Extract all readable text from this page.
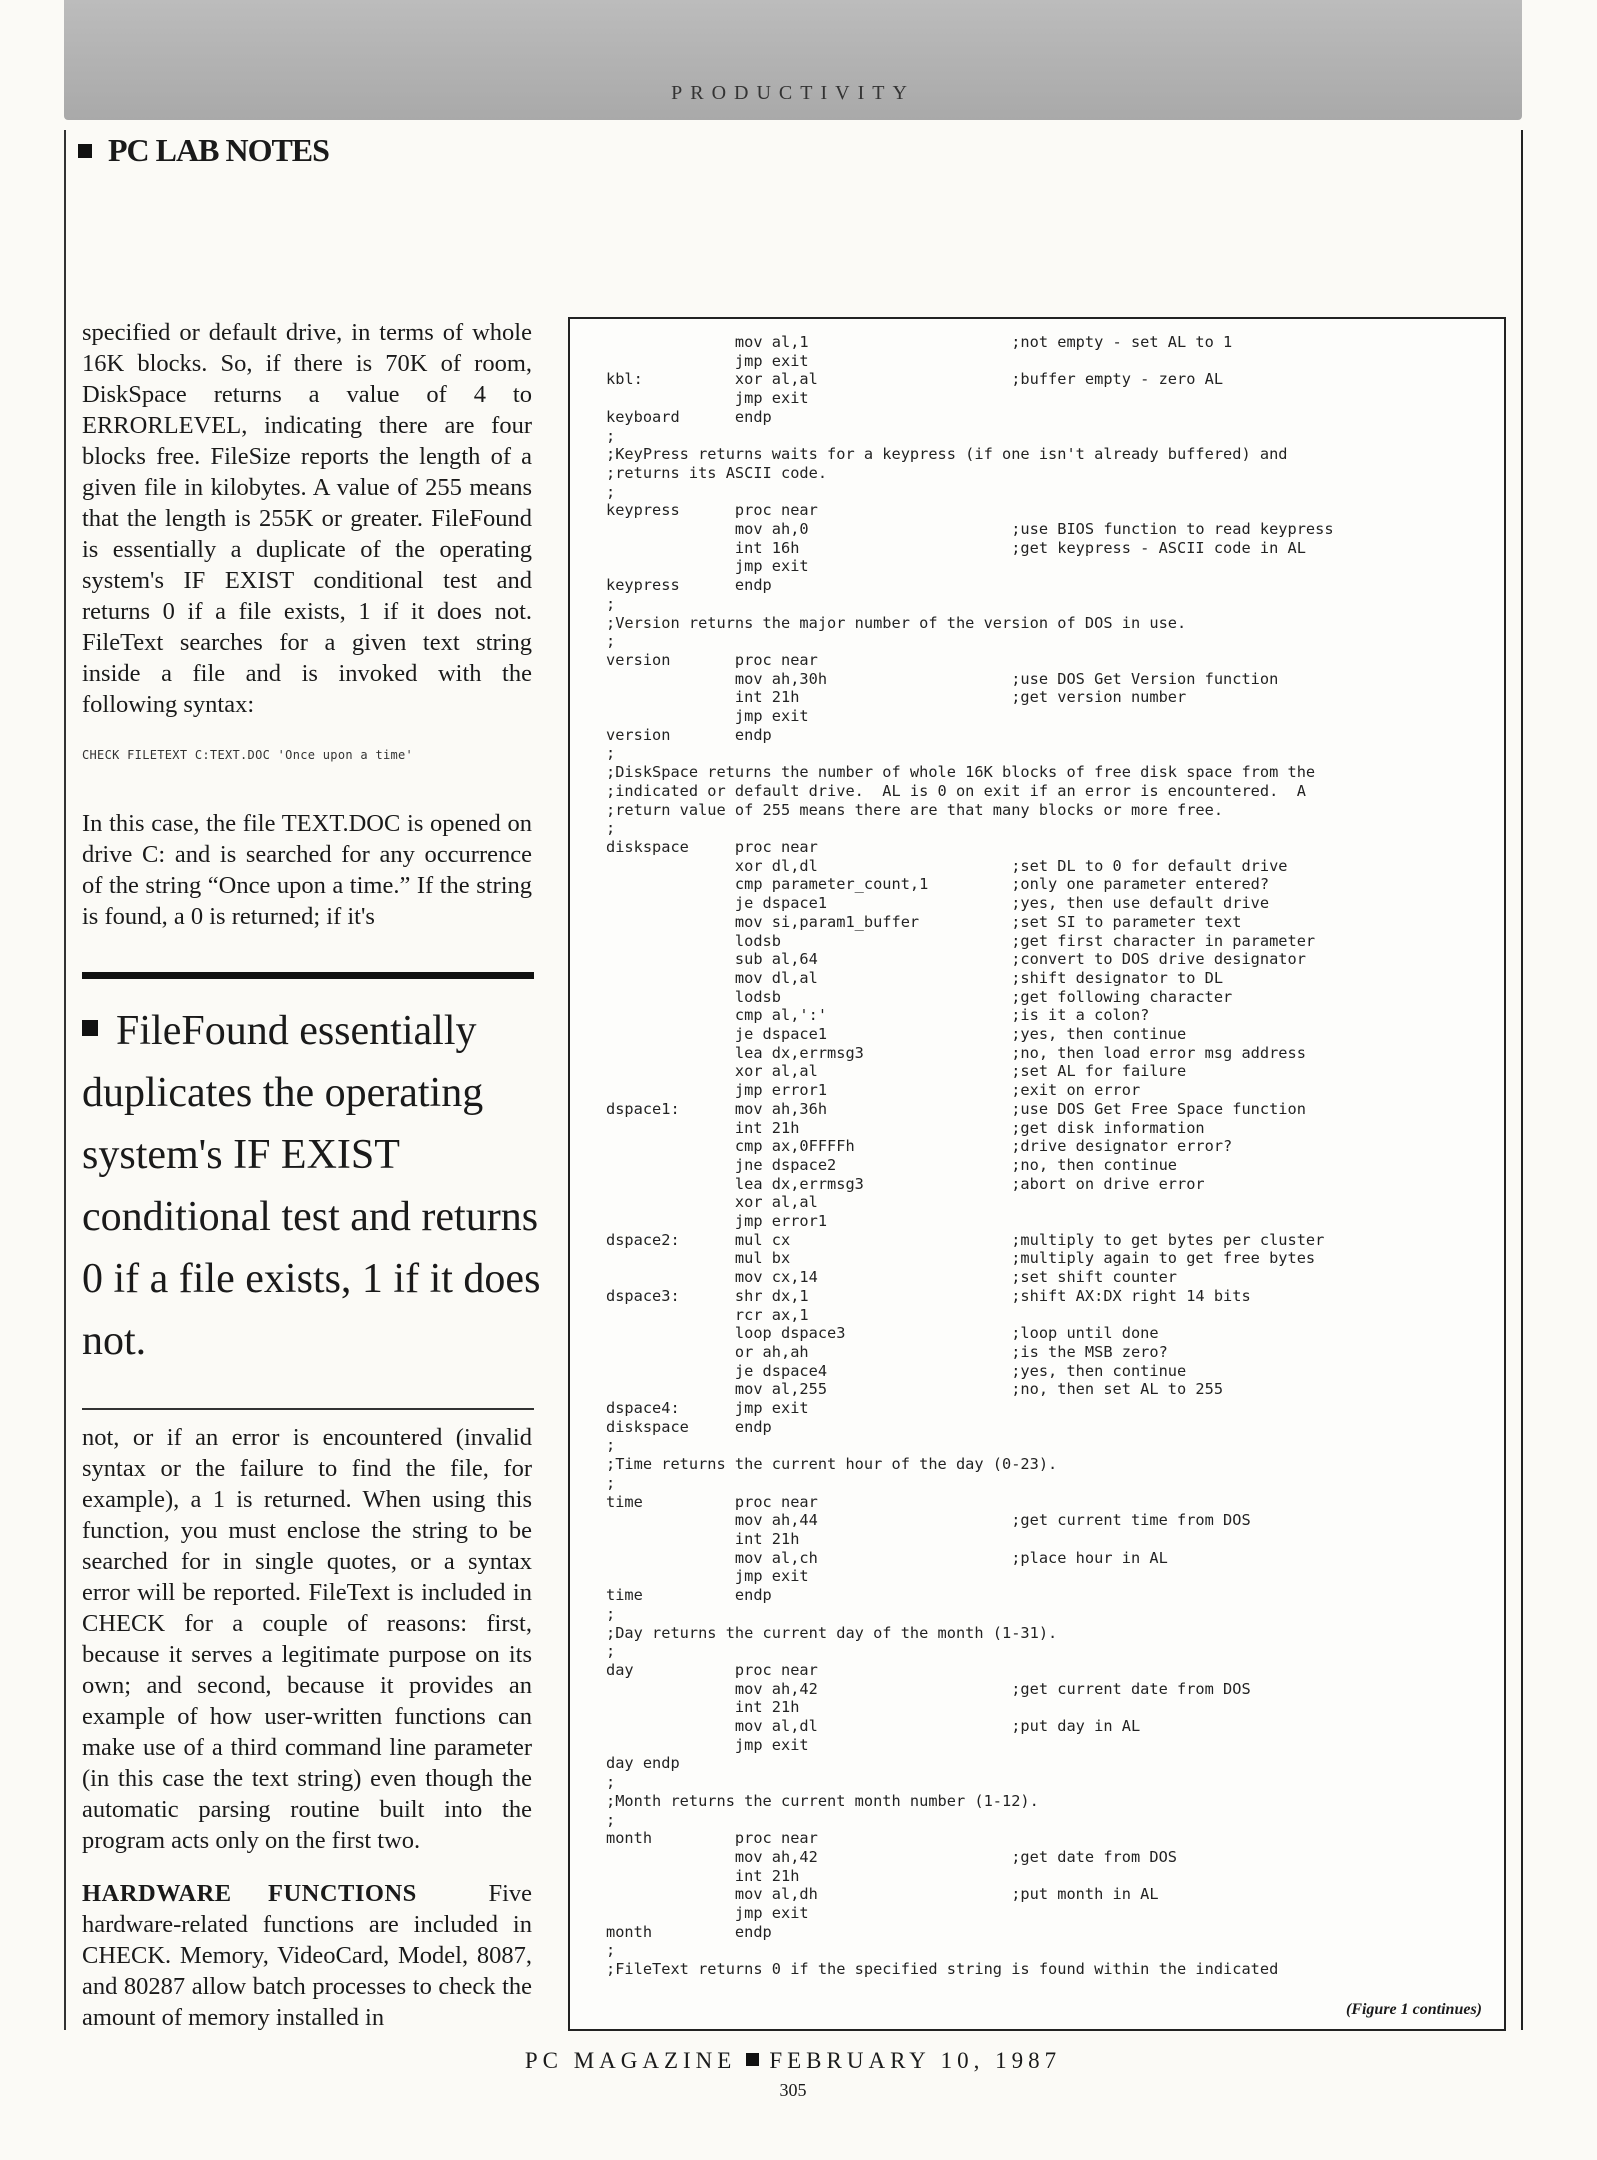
PRODUCTIVITY
PC LAB NOTES

specified or default drive, in terms of whole 16K blocks. So, if there is 70K of room, DiskSpace returns a value of 4 to ERRORLEVEL, indicating there are four blocks free. FileSize reports the length of a given file in kilobytes. A value of 255 means that the length is 255K or greater. FileFound is essentially a duplicate of the operating system's IF EXIST conditional test and returns 0 if a file exists, 1 if it does not. FileText searches for a given text string inside a file and is invoked with the following syntax:

CHECK FILETEXT C:TEXT.DOC 'Once upon a time'

In this case, the file TEXT.DOC is opened on drive C: and is searched for any occurrence of the string “Once upon a time.” If the string is found, a 0 is returned; if it's

FileFound essentially duplicates the operating system's IF EXIST conditional test and returns 0 if a file exists, 1 if it does not.

not, or if an error is encountered (invalid syntax or the failure to find the file, for example), a 1 is returned. When using this function, you must enclose the string to be searched for in single quotes, or a syntax error will be reported. FileText is included in CHECK for a couple of reasons: first, because it serves a legitimate purpose on its own; and second, because it provides an example of how user-written functions can make use of a third command line parameter (in this case the text string) even though the automatic parsing routine built into the program acts only on the first two.

HARDWARE FUNCTIONS	Five hardware-related functions are included in CHECK. Memory, VideoCard, Model, 8087, and 80287 allow batch processes to check the amount of memory installed in

mov al,1                      ;not empty - set AL to 1
jmp exit
kbl:          xor al,al                     ;buffer empty - zero AL
jmp exit
keyboard      endp
;
;KeyPress returns waits for a keypress (if one isn't already buffered) and
;returns its ASCII code.
;
keypress      proc near
mov ah,0                      ;use BIOS function to read keypress
int 16h                       ;get keypress - ASCII code in AL
jmp exit
keypress      endp
;
;Version returns the major number of the version of DOS in use.
;
version       proc near
mov ah,30h                    ;use DOS Get Version function
int 21h                       ;get version number
jmp exit
version       endp
;
;DiskSpace returns the number of whole 16K blocks of free disk space from the
;indicated or default drive.  AL is 0 on exit if an error is encountered.  A
;return value of 255 means there are that many blocks or more free.
;
diskspace     proc near
xor dl,dl                     ;set DL to 0 for default drive
cmp parameter_count,1         ;only one parameter entered?
je dspace1                    ;yes, then use default drive
mov si,param1_buffer          ;set SI to parameter text
lodsb                         ;get first character in parameter
sub al,64                     ;convert to DOS drive designator
mov dl,al                     ;shift designator to DL
lodsb                         ;get following character
cmp al,':'                    ;is it a colon?
je dspace1                    ;yes, then continue
lea dx,errmsg3                ;no, then load error msg address
xor al,al                     ;set AL for failure
jmp error1                    ;exit on error
dspace1:      mov ah,36h                    ;use DOS Get Free Space function
int 21h                       ;get disk information
cmp ax,0FFFFh                 ;drive designator error?
jne dspace2                   ;no, then continue
lea dx,errmsg3                ;abort on drive error
xor al,al
jmp error1
dspace2:      mul cx                        ;multiply to get bytes per cluster
mul bx                        ;multiply again to get free bytes
mov cx,14                     ;set shift counter
dspace3:      shr dx,1                      ;shift AX:DX right 14 bits
rcr ax,1
loop dspace3                  ;loop until done
or ah,ah                      ;is the MSB zero?
je dspace4                    ;yes, then continue
mov al,255                    ;no, then set AL to 255
dspace4:      jmp exit
diskspace     endp
;
;Time returns the current hour of the day (0-23).
;
time          proc near
mov ah,44                     ;get current time from DOS
int 21h
mov al,ch                     ;place hour in AL
jmp exit
time          endp
;
;Day returns the current day of the month (1-31).
;
day           proc near
mov ah,42                     ;get current date from DOS
int 21h
mov al,dl                     ;put day in AL
jmp exit
day endp
;
;Month returns the current month number (1-12).
;
month         proc near
mov ah,42                     ;get date from DOS
int 21h
mov al,dh                     ;put month in AL
jmp exit
month         endp
;
;FileText returns 0 if the specified string is found within the indicated
(Figure 1 continues)
PC MAGAZINE FEBRUARY 10, 1987
305
